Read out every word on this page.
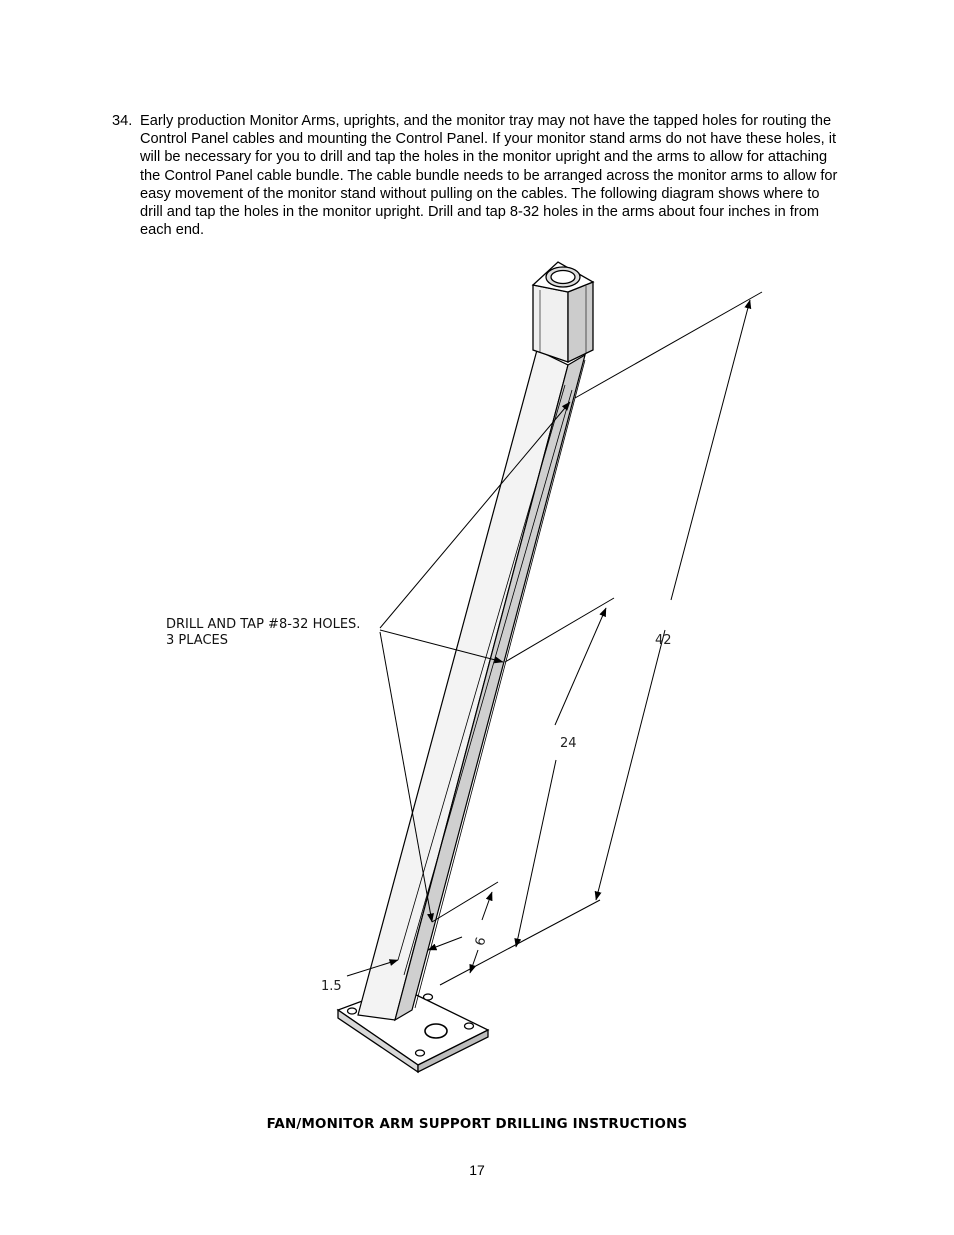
34. Early production Monitor Arms, uprights, and the monitor tray may not have the tapped holes for routing the Control Panel cables and mounting the Control Panel. If your monitor stand arms do not have these holes, it will be necessary for you to drill and tap the holes in the monitor upright and the arms to allow for attaching the Control Panel cable bundle. The cable bundle needs to be arranged across the monitor arms to allow for easy movement of the monitor stand without pulling on the cables. The following diagram shows where to drill and tap the holes in the monitor upright. Drill and tap 8-32 holes in the arms about four inches in from each end.
42
24
6
1.5
DRILL AND TAP #8-32 HOLES.
3 PLACES
FAN/MONITOR ARM SUPPORT DRILLING INSTRUCTIONS
17
